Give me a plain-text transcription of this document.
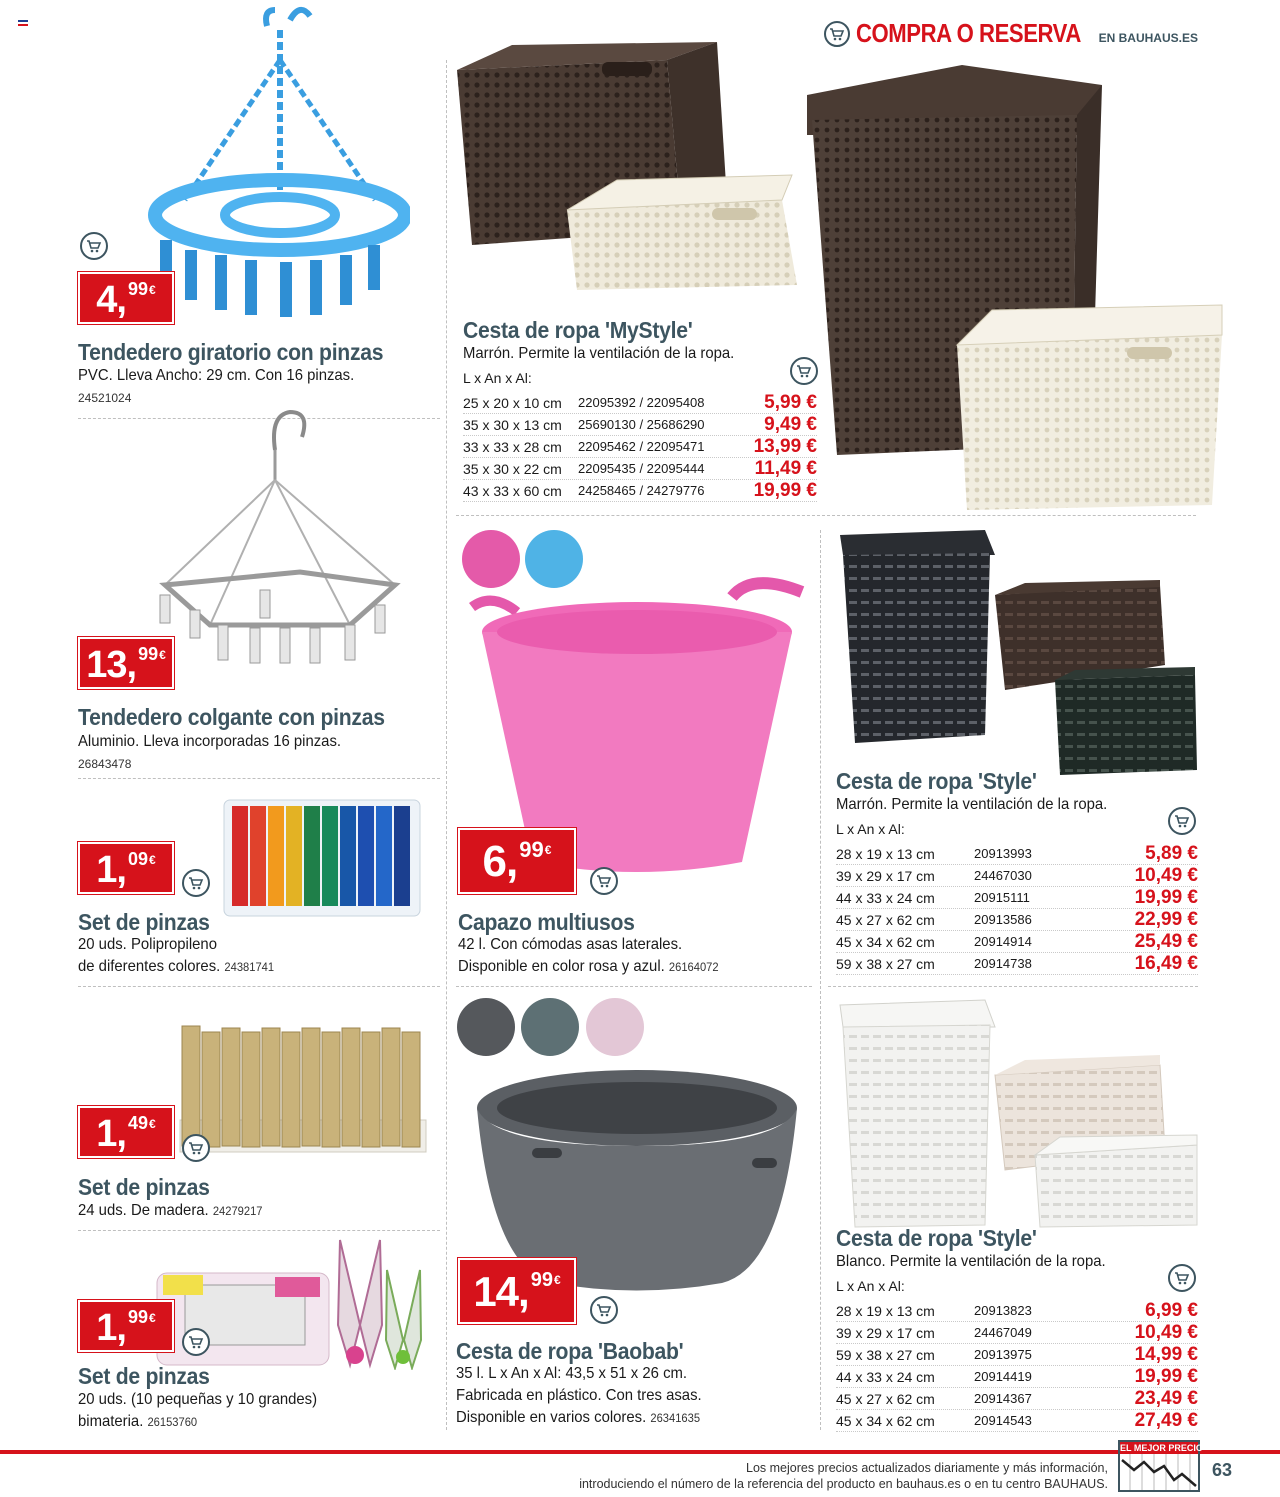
COMPRA O RESERVA EN BAUHAUS.ES
4 , 99 €
Tendedero giratorio con pinzas
PVC. Lleva Ancho: 29 cm. Con 16 pinzas.
24521024
13 , 99 €
Tendedero colgante con pinzas
Aluminio. Lleva incorporadas 16 pinzas.
26843478
1 , 09 €
Set de pinzas
20 uds. Polipropileno
de diferentes colores. 24381741
1 , 49 €
Set de pinzas
24 uds. De madera. 24279217
1 , 99 €
Set de pinzas
20 uds. (10 pequeñas y 10 grandes)
bimateria. 26153760
Cesta de ropa 'MyStyle'
Marrón. Permite la ventilación de la ropa.
L x An x Al:
25 x 20 x 10 cm	22095392 / 22095408	5,99 €
35 x 30 x 13 cm	25690130 / 25686290	9,49 €
33 x 33 x 28 cm	22095462 / 22095471	13,99 €
35 x 30 x 22 cm	22095435 / 22095444	11,49 €
43 x 33 x 60 cm	24258465 / 24279776	19,99 €
6 , 99 €
Capazo multiusos
42 l. Con cómodas asas laterales.
Disponible en color rosa y azul. 26164072
Cesta de ropa 'Style'
Marrón. Permite la ventilación de la ropa.
L x An x Al:
28 x 19 x 13 cm	20913993	5,89 €
39 x 29 x 17 cm	24467030	10,49 €
44 x 33 x 24 cm	20915111	19,99 €
45 x 27 x 62 cm	20913586	22,99 €
45 x 34 x 62 cm	20914914	25,49 €
59 x 38 x 27 cm	20914738	16,49 €
14 , 99 €
Cesta de ropa 'Baobab'
35 l. L x An x Al: 43,5 x 51 x 26 cm.
Fabricada en plástico. Con tres asas.
Disponible en varios colores. 26341635
Cesta de ropa 'Style'
Blanco. Permite la ventilación de la ropa.
L x An x Al:
28 x 19 x 13 cm	20913823	6,99 €
39 x 29 x 17 cm	24467049	10,49 €
59 x 38 x 27 cm	20913975	14,99 €
44 x 33 x 24 cm	20914419	19,99 €
45 x 27 x 62 cm	20914367	23,49 €
45 x 34 x 62 cm	20914543	27,49 €
Los mejores precios actualizados diariamente y más información,
introduciendo el número de la referencia del producto en bauhaus.es o en tu centro BAUHAUS.
EL MEJOR PRECIO
63
